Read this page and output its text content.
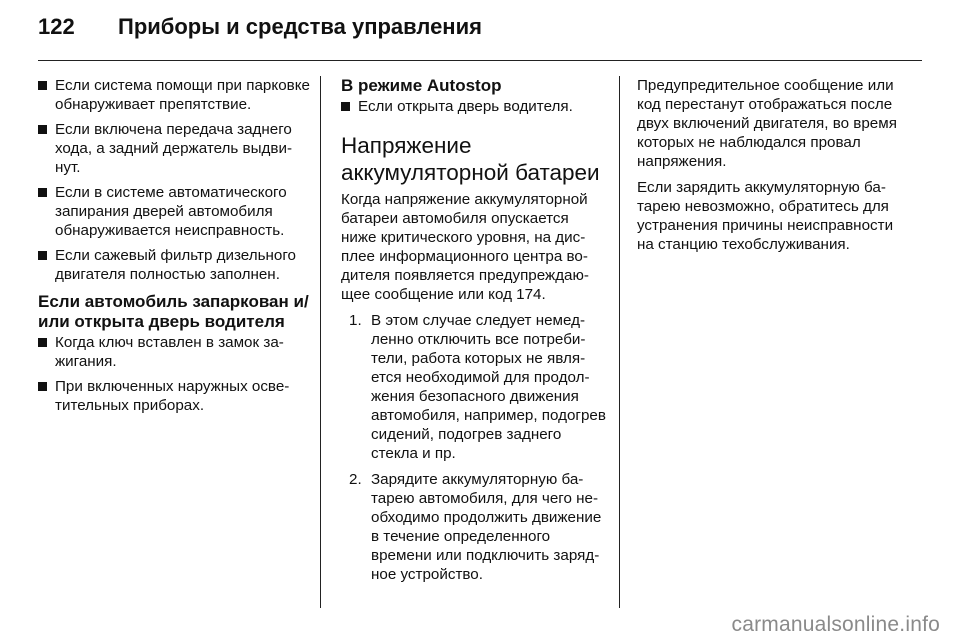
122	Приборы и средства управления
Если система помощи при парковке обнаруживает препятствие.
Если включена передача заднего хода, а задний держатель выдвинут.
Если в системе автоматического запирания дверей автомобиля обнаруживается неисправность.
Если сажевый фильтр дизельного двигателя полностью заполнен.
Если автомобиль запаркован и/или открыта дверь водителя
Когда ключ вставлен в замок зажигания.
При включенных наружных осветительных приборах.
В режиме Autostop
Если открыта дверь водителя.
Напряжение аккумуляторной батареи

Когда напряжение аккумуляторной батареи автомобиля опускается ниже критического уровня, на дисплее информационного центра водителя появляется предупреждающее сообщение или код 174.

1. В этом случае следует немедленно отключить все потребители, работа которых не является необходимой для продолжения безопасного движения автомобиля, например, подогрев сидений, подогрев заднего стекла и пр.
2. Зарядите аккумуляторную батарею автомобиля, для чего необходимо продолжить движение в течение определенного времени или подключить зарядное устройство.

Предупредительное сообщение или код перестанут отображаться после двух включений двигателя, во время которых не наблюдался провал напряжения.

Если зарядить аккумуляторную батарею невозможно, обратитесь для устранения причины неисправности на станцию техобслуживания.

carmanualsonline.info
